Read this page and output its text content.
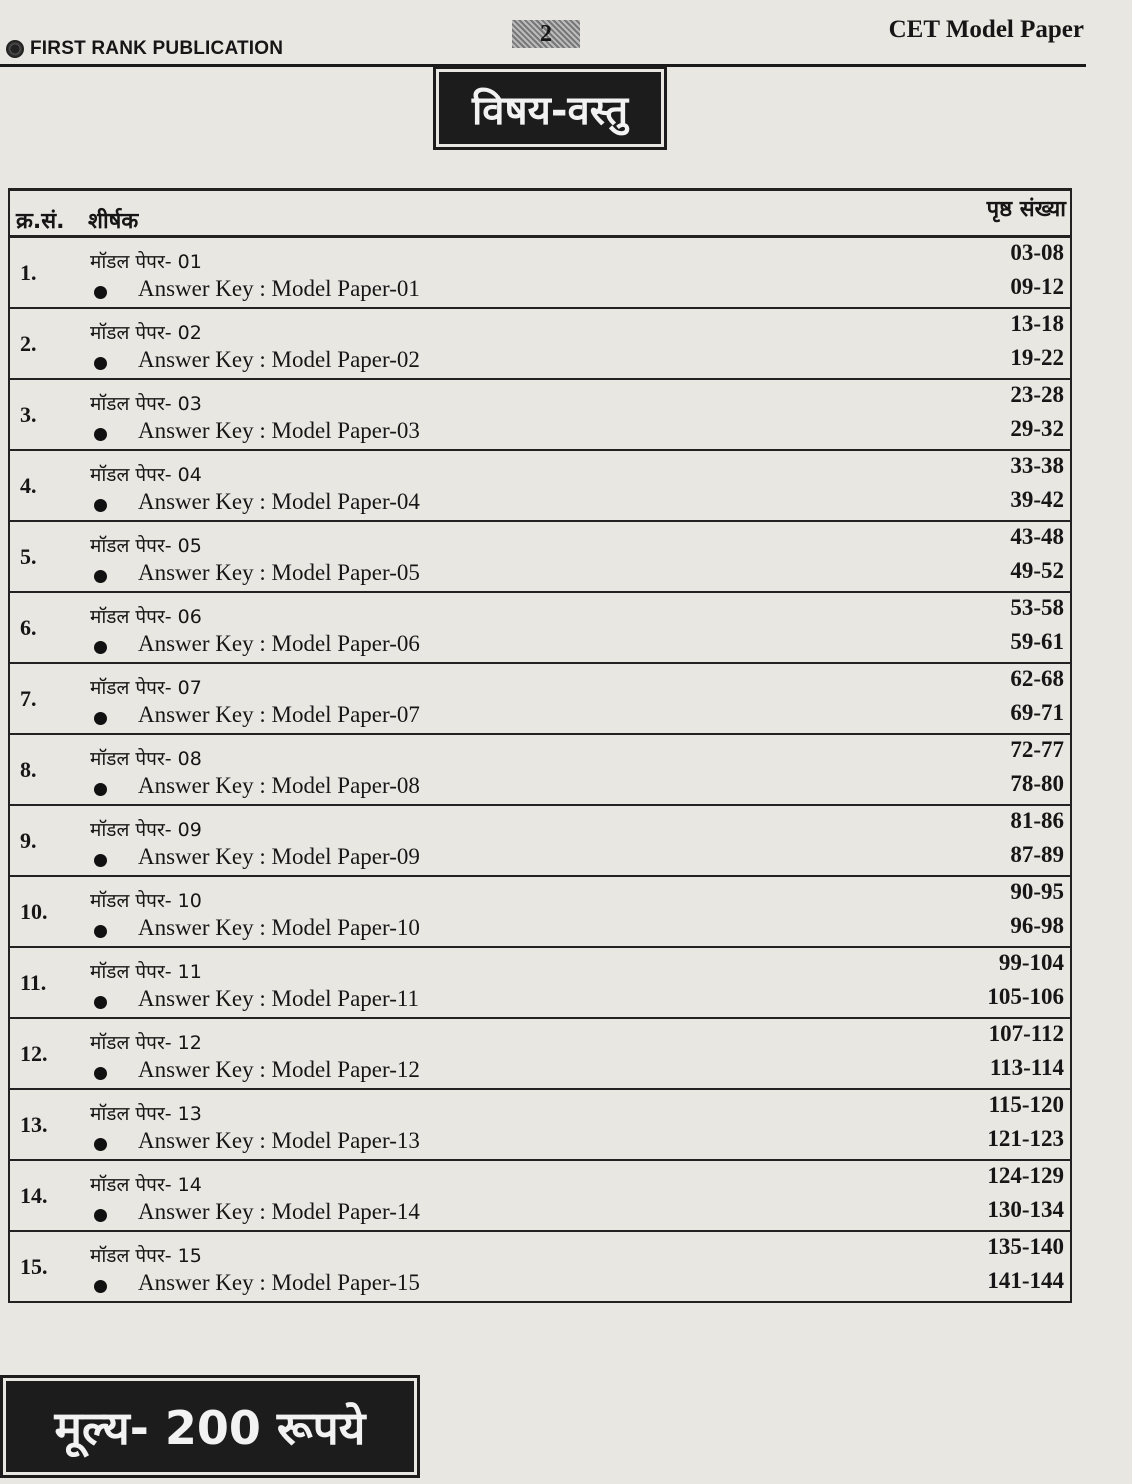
FIRST RANK PUBLICATION
2	CET Model Paper
विषय-वस्तु
क्र.सं. शीर्षक	पृष्ठ संख्या
1.	मॉडल पेपर- 01
Answer Key : Model Paper-01
03-08
09-12
2.	मॉडल पेपर- 02
Answer Key : Model Paper-02
13-18
19-22
3.	मॉडल पेपर- 03
Answer Key : Model Paper-03
23-28
29-32
4.	मॉडल पेपर- 04
Answer Key : Model Paper-04
33-38
39-42
5.	मॉडल पेपर- 05
Answer Key : Model Paper-05
43-48
49-52
6.	मॉडल पेपर- 06
Answer Key : Model Paper-06
53-58
59-61
7.	मॉडल पेपर- 07
Answer Key : Model Paper-07
62-68
69-71
8.	मॉडल पेपर- 08
Answer Key : Model Paper-08
72-77
78-80
9.	मॉडल पेपर- 09
Answer Key : Model Paper-09
81-86
87-89
10. मॉडल पेपर- 10
Answer Key : Model Paper-10
90-95
96-98
11. मॉडल पेपर- 11
Answer Key : Model Paper-11
99-104
105-106
12. मॉडल पेपर- 12
Answer Key : Model Paper-12
107-112
113-114
13. मॉडल पेपर- 13
Answer Key : Model Paper-13
115-120
121-123
14. मॉडल पेपर- 14
Answer Key : Model Paper-14
124-129
130-134
15. मॉडल पेपर- 15
Answer Key : Model Paper-15
135-140
141-144
मूल्य- 200 रूपये
